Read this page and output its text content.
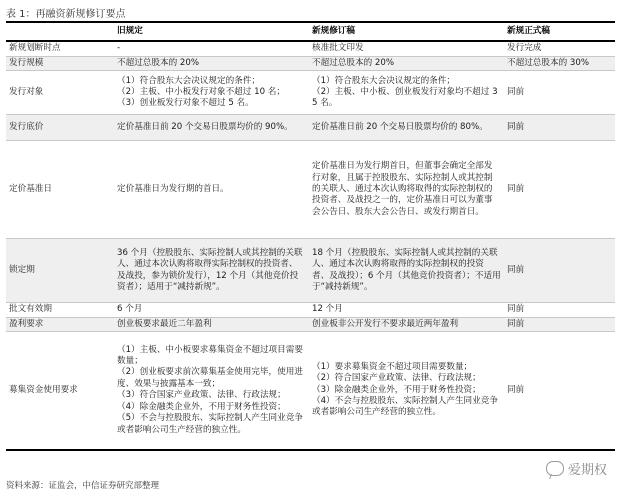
表 1：再融资新规修订要点
	旧规定	新规修订稿	新规正式稿
新规划断时点	-	核准批文印发	发行完成

发行规模	不超过总股本的 20%	不超过总股本的 20%	不超过总股本的 30%

发行对象	（1）符合股东大会决议规定的条件；
（2）主板、中小板发行对象不超过 10 名；
（3）创业板发行对象不超过 5 名。	（1）符合股东大会决议规定的条件；
（2）主板、中小板、创业板发行对象均不超过 35 名。	同前

发行底价	定价基准日前 20 个交易日股票均价的 90%。	定价基准日前 20 个交易日股票均价的 80%。	同前

定价基准日	定价基准日为发行期的首日。	定价基准日为发行期首日，但董事会确定全部发行对象，且属于控股股东、实际控制人或其控制的关联人、通过本次认购将取得的实际控制权的投资者、及战投之一的，定价基准日可以为董事会公告日、股东大会公告日、或发行期首日。	同前

锁定期	36 个月（控股股东、实际控制人或其控制的关联人、通过本次认购将取得实际控制权的投资者、及战投，参为锁价发行），12 个月（其他竞价投资者）；适用于“减持新规”。	18 个月（控股股东、实际控制人或其控制的关联人、通过本次认购将取得的实际控制权的投资者、及战投）；6 个月（其他竞价投资者）；不适用于“减持新规”。	同前

批文有效期	6 个月	12 个月	同前

盈利要求	创业板要求最近二年盈利	创业板非公开发行不要求最近两年盈利	同前

募集资金使用要求	（1）主板、中小板要求募集资金不超过项目需要数量；
（2）创业板要求前次募集基金使用完毕，使用进度、效果与披露基本一致；
（3）符合国家产业政策、法律、行政法规；
（4）除金融类企业外，不用于财务性投资；
（5）不会与控股股东、实际控制人产生同业竞争或者影响公司生产经营的独立性。	（1）要求募集资金不超过项目需要数量；
（2）符合国家产业政策、法律、行政法规；
（3）除金融类企业外，不用于财务性投资；
（4）不会与控股股东、实际控制人产生同业竞争或者影响公司生产经营的独立性。	同前
资料来源：证监会，中信证券研究部整理
爱期权
